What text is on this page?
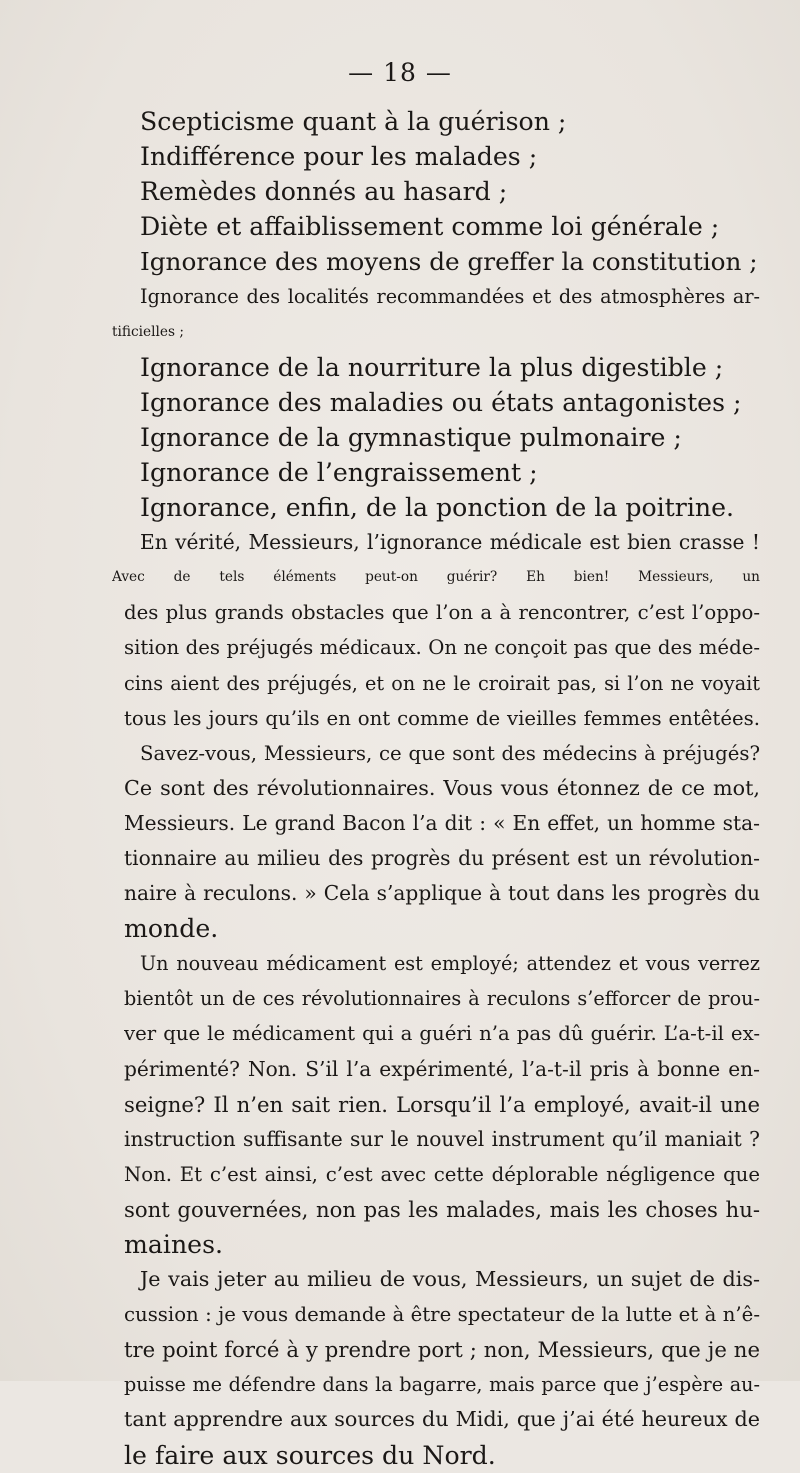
— 18 —
Scepticisme quant à la guérison ;
Indifférence pour les malades ;
Remèdes donnés au hasard ;
Diète et affaiblissement comme loi générale ;
Ignorance des moyens de greffer la constitution ;
Ignorance des localités recommandées et des atmosphères ar-
tificielles ;
Ignorance de la nourriture la plus digestible ;
Ignorance des maladies ou états antagonistes ;
Ignorance de la gymnastique pulmonaire ;
Ignorance de l’engraissement ;
Ignorance, enfin, de la ponction de la poitrine.
En vérité, Messieurs, l’ignorance médicale est bien crasse !
Avec de tels éléments peut-on guérir? Eh bien! Messieurs, un
des plus grands obstacles que l’on a à rencontrer, c’est l’oppo-
sition des préjugés médicaux. On ne conçoit pas que des méde-
cins aient des préjugés, et on ne le croirait pas, si l’on ne voyait
tous les jours qu’ils en ont comme de vieilles femmes entêtées.
Savez-vous, Messieurs, ce que sont des médecins à préjugés?
Ce sont des révolutionnaires. Vous vous étonnez de ce mot,
Messieurs. Le grand Bacon l’a dit : « En effet, un homme sta-
tionnaire au milieu des progrès du présent est un révolution-
naire à reculons. » Cela s’applique à tout dans les progrès du
monde.
Un nouveau médicament est employé; attendez et vous verrez
bientôt un de ces révolutionnaires à reculons s’efforcer de prou-
ver que le médicament qui a guéri n’a pas dû guérir. L’a-t-il ex-
périmenté? Non. S’il l’a expérimenté, l’a-t-il pris à bonne en-
seigne? Il n’en sait rien. Lorsqu’il l’a employé, avait-il une
instruction suffisante sur le nouvel instrument qu’il maniait ?
Non. Et c’est ainsi, c’est avec cette déplorable négligence que
sont gouvernées, non pas les malades, mais les choses hu-
maines.
Je vais jeter au milieu de vous, Messieurs, un sujet de dis-
cussion : je vous demande à être spectateur de la lutte et à n’ê-
tre point forcé à y prendre port ; non, Messieurs, que je ne
puisse me défendre dans la bagarre, mais parce que j’espère au-
tant apprendre aux sources du Midi, que j’ai été heureux de
le faire aux sources du Nord.
